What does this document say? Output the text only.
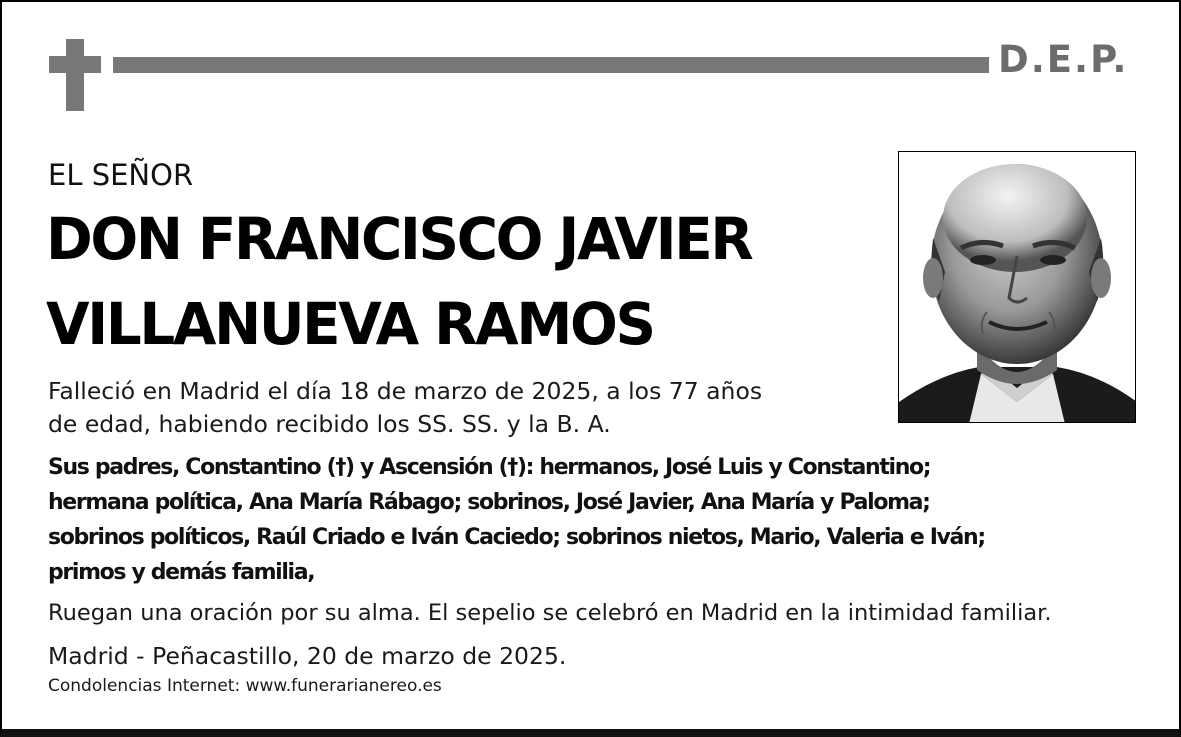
D.E.P.
EL SEÑOR
DON FRANCISCO JAVIER
VILLANUEVA RAMOS
Falleció en Madrid el día 18 de marzo de 2025, a los 77 años
de edad, habiendo recibido los SS. SS. y la B. A.
Sus padres, Constantino (†) y Ascensión (†): hermanos, José Luis y Constantino;
hermana política, Ana María Rábago; sobrinos, José Javier, Ana María y Paloma;
sobrinos políticos, Raúl Criado e Iván Caciedo; sobrinos nietos, Mario, Valeria e Iván;
primos y demás familia,
Ruegan una oración por su alma. El sepelio se celebró en Madrid en la intimidad familiar.
Madrid - Peñacastillo, 20 de marzo de 2025.
Condolencias Internet: www.funerarianereo.es
